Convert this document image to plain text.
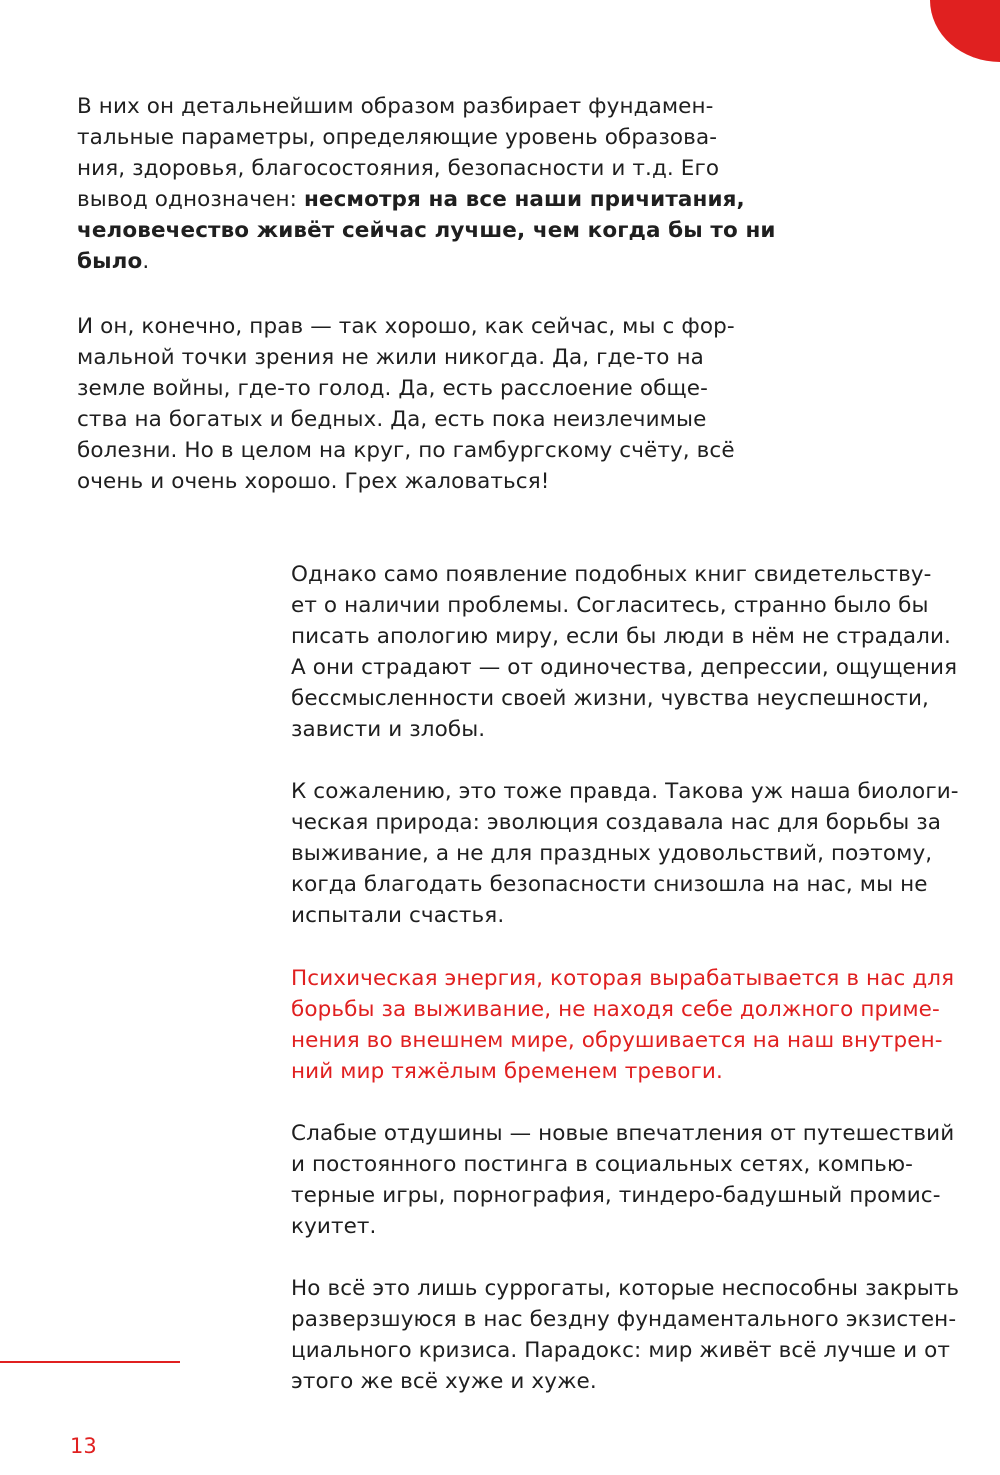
В них он детальнейшим образом разбирает фундамен-
тальные параметры, определяющие уровень образова-
ния, здоровья, благосостояния, безопасности и т.д. Его
вывод однозначен: несмотря на все наши причитания,
человечество живёт сейчас лучше, чем когда бы то ни
было.
И он, конечно, прав — так хорошо, как сейчас, мы с фор-
мальной точки зрения не жили никогда. Да, где-то на
земле войны, где-то голод. Да, есть расслоение обще-
ства на богатых и бедных. Да, есть пока неизлечимые
болезни. Но в целом на круг, по гамбургскому счёту, всё
очень и очень хорошо. Грех жаловаться!
Однако само появление подобных книг свидетельству-
ет о наличии проблемы. Согласитесь, странно было бы
писать апологию миру, если бы люди в нём не страдали.
А они страдают — от одиночества, депрессии, ощущения
бессмысленности своей жизни, чувства неуспешности,
зависти и злобы.
К сожалению, это тоже правда. Такова уж наша биологи-
ческая природа: эволюция создавала нас для борьбы за
выживание, а не для праздных удовольствий, поэтому,
когда благодать безопасности снизошла на нас, мы не
испытали счастья.
Психическая энергия, которая вырабатывается в нас для
борьбы за выживание, не находя себе должного приме-
нения во внешнем мире, обрушивается на наш внутрен-
ний мир тяжёлым бременем тревоги.
Слабые отдушины — новые впечатления от путешествий
и постоянного постинга в социальных сетях, компью-
терные игры, порнография, тиндеро-бадушный промис-
куитет.
Но всё это лишь суррогаты, которые неспособны закрыть
разверзшуюся в нас бездну фундаментального экзистен-
циального кризиса. Парадокс: мир живёт всё лучше и от
этого же всё хуже и хуже.
13
